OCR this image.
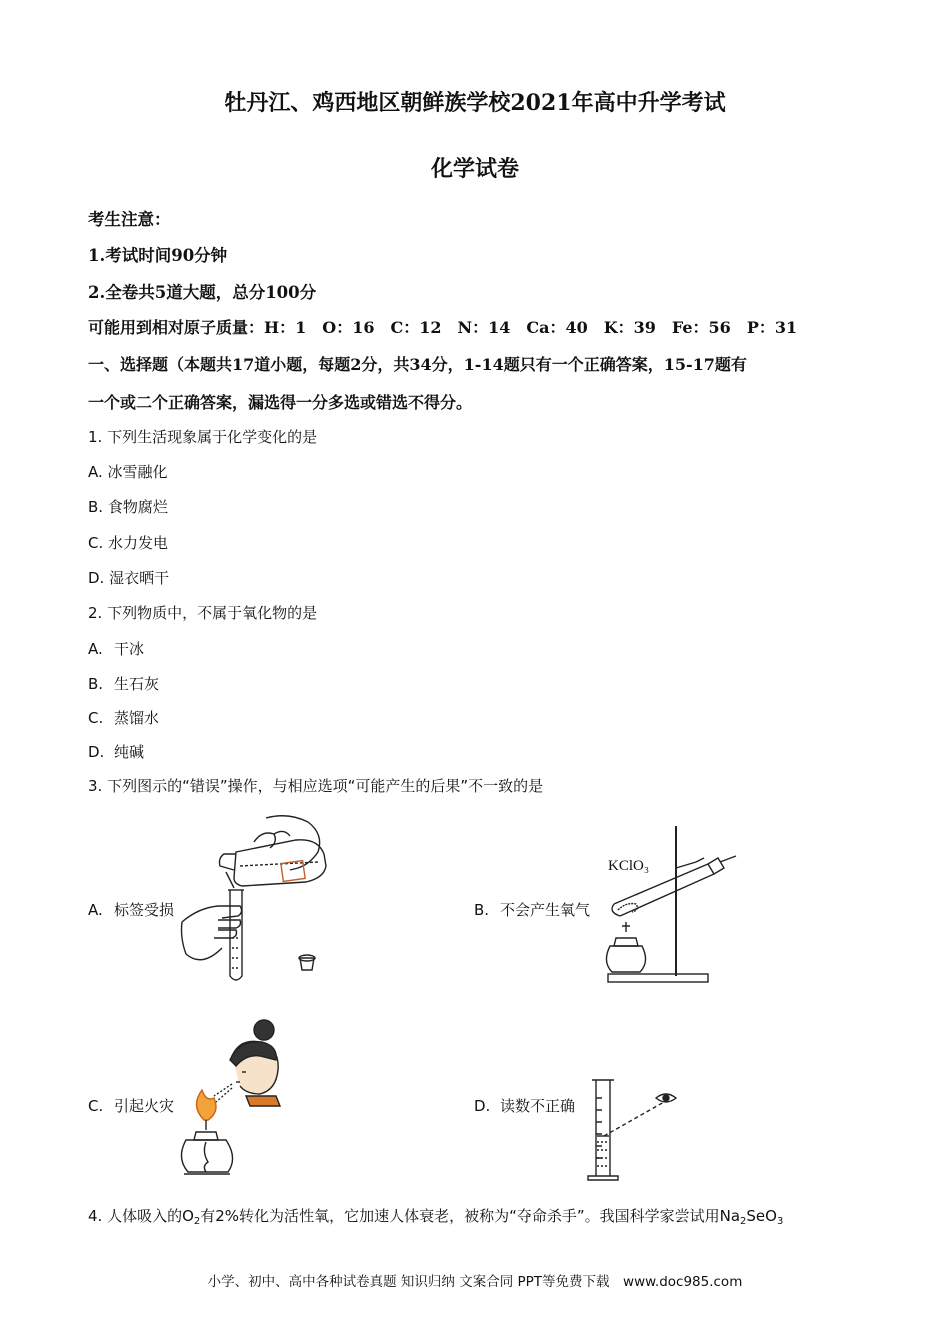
牡丹江、鸡西地区朝鲜族学校2021年高中升学考试
化学试卷
考生注意：
1.考试时间90分钟
2.全卷共5道大题，总分100分
可能用到相对原子质量：H：1　O：16　C：12　N：14　Ca：40　K：39　Fe：56　P：31
一、选择题（本题共17道小题，每题2分，共34分，1-14题只有一个正确答案，15-17题有
一个或二个正确答案，漏选得一分多选或错选不得分。
1. 下列生活现象属于化学变化的是
A. 冰雪融化
B. 食物腐烂
C. 水力发电
D. 湿衣晒干
2. 下列物质中，不属于氧化物的是
A. 干冰
B. 生石灰
C. 蒸馏水
D. 纯碱
3. 下列图示的“错误”操作，与相应选项“可能产生的后果”不一致的是
A. 标签受损	B. 不会产生氧气
KClO₃
C. 引起火灾	D. 读数不正确
4. 人体吸入的$O_2$有2%转化为活性氧，它加速人体衰老，被称为“夺命杀手”。我国科学家尝试用$Na_2SeO_3$
小学、初中、高中各种试卷真题 知识归纳 文案合同 PPT等免费下载　www.doc985.com
